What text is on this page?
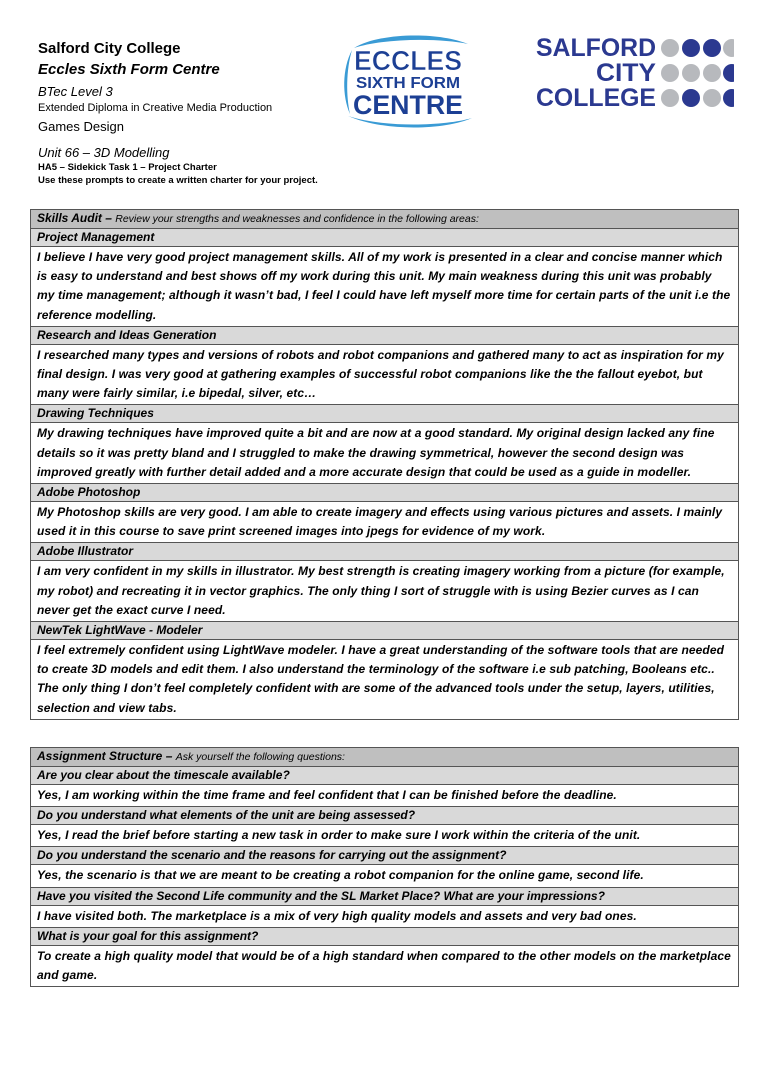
Salford City College
Eccles Sixth Form Centre
BTec Level 3
Extended Diploma in Creative Media Production
Games Design
Unit 66 – 3D Modelling
HA5 – Sidekick Task 1 – Project Charter
Use these prompts to create a written charter for your project.
ECCLES
SIXTH FORM
CENTRE
SALFORD
CITY
COLLEGE
Skills Audit – Review your strengths and weaknesses and confidence in the following areas:
Project Management
I believe I have very good project management skills. All of my work is presented in a clear and concise manner which is easy to understand and best shows off my work during this unit. My main weakness during this unit was probably my time management; although it wasn’t bad, I feel I could have left myself more time for certain parts of the unit i.e the reference modelling.
Research and Ideas Generation
I researched many types and versions of robots and robot companions and gathered many to act as inspiration for my final design. I was very good at gathering examples of successful robot companions like the the fallout eyebot, but many were fairly similar, i.e bipedal, silver, etc…
Drawing Techniques
My drawing techniques have improved quite a bit and are now at a good standard. My original design lacked any fine details so it was pretty bland and I struggled to make the drawing symmetrical, however the second design was improved greatly with further detail added and a more accurate design that could be used as a guide in modeller.
Adobe Photoshop
My Photoshop skills are very good. I am able to create imagery and effects using various pictures and assets. I mainly used it in this course to save print screened images into jpegs for evidence of my work.
Adobe Illustrator
I am very confident in my skills in illustrator. My best strength is creating imagery working from a picture (for example, my robot) and recreating it in vector graphics. The only thing I sort of struggle with is using Bezier curves as I can never get the exact curve I need.
NewTek LightWave - Modeler
I feel extremely confident using LightWave modeler. I have a great understanding of the software tools that are needed to create 3D models and edit them. I also understand the terminology of the software i.e sub patching, Booleans etc.. The only thing I don’t feel completely confident with are some of the advanced tools under the setup, layers, utilities, selection and view tabs.
Assignment Structure – Ask yourself the following questions:
Are you clear about the timescale available?
Yes, I am working within the time frame and feel confident that I can be finished before the deadline.
Do you understand what elements of the unit are being assessed?
Yes, I read the brief before starting a new task in order to make sure I work within the criteria of the unit.
Do you understand the scenario and the reasons for carrying out the assignment?
Yes, the scenario is that we are meant to be creating a robot companion for the online game, second life.
Have you visited the Second Life community and the SL Market Place? What are your impressions?
I have visited both. The marketplace is a mix of very high quality models and assets and very bad ones.
What is your goal for this assignment?
To create a high quality model that would be of a high standard when compared to the other models on the marketplace and game.
